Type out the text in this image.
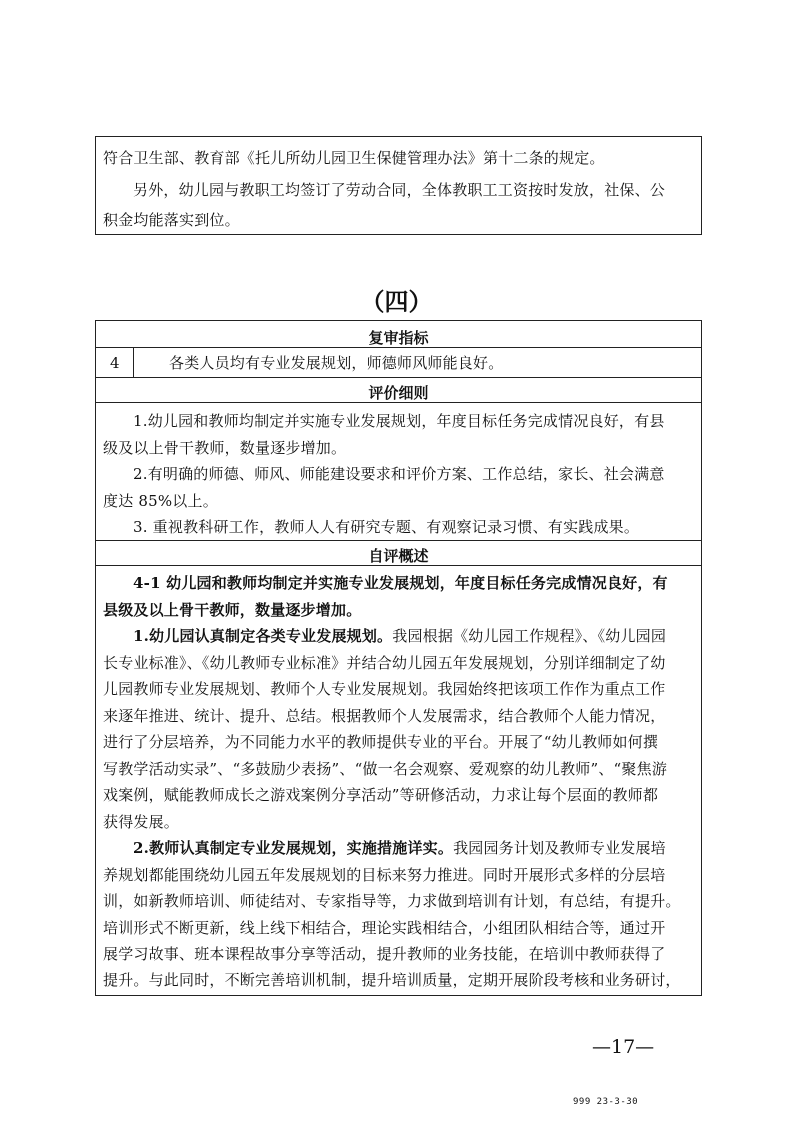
符合卫生部、教育部《托儿所幼儿园卫生保健管理办法》第十二条的规定。
另外，幼儿园与教职工均签订了劳动合同，全体教职工工资按时发放，社保、公
积金均能落实到位。
（四）
复审指标
4	各类人员均有专业发展规划，师德师风师能良好。
评价细则
1.幼儿园和教师均制定并实施专业发展规划，年度目标任务完成情况良好，有县
级及以上骨干教师，数量逐步增加。
2.有明确的师德、师风、师能建设要求和评价方案、工作总结，家长、社会满意
度达 85%以上。
3. 重视教科研工作，教师人人有研究专题、有观察记录习惯、有实践成果。
自评概述
4-1 幼儿园和教师均制定并实施专业发展规划，年度目标任务完成情况良好，有
县级及以上骨干教师，数量逐步增加。
1.幼儿园认真制定各类专业发展规划。我园根据《幼儿园工作规程》、《幼儿园园
长专业标准》、《幼儿教师专业标准》并结合幼儿园五年发展规划，分别详细制定了幼
儿园教师专业发展规划、教师个人专业发展规划。我园始终把该项工作作为重点工作
来逐年推进、统计、提升、总结。根据教师个人发展需求，结合教师个人能力情况，
进行了分层培养，为不同能力水平的教师提供专业的平台。开展了“幼儿教师如何撰
写教学活动实录”、“多鼓励少表扬”、“做一名会观察、爱观察的幼儿教师”、“聚焦游
戏案例，赋能教师成长之游戏案例分享活动”等研修活动，力求让每个层面的教师都
获得发展。
2.教师认真制定专业发展规划，实施措施详实。我园园务计划及教师专业发展培
养规划都能围绕幼儿园五年发展规划的目标来努力推进。同时开展形式多样的分层培
训，如新教师培训、师徒结对、专家指导等，力求做到培训有计划，有总结，有提升。
培训形式不断更新，线上线下相结合，理论实践相结合，小组团队相结合等，通过开
展学习故事、班本课程故事分享等活动，提升教师的业务技能，在培训中教师获得了
提升。与此同时，不断完善培训机制，提升培训质量，定期开展阶段考核和业务研讨，
—17—
999 23-3-30
